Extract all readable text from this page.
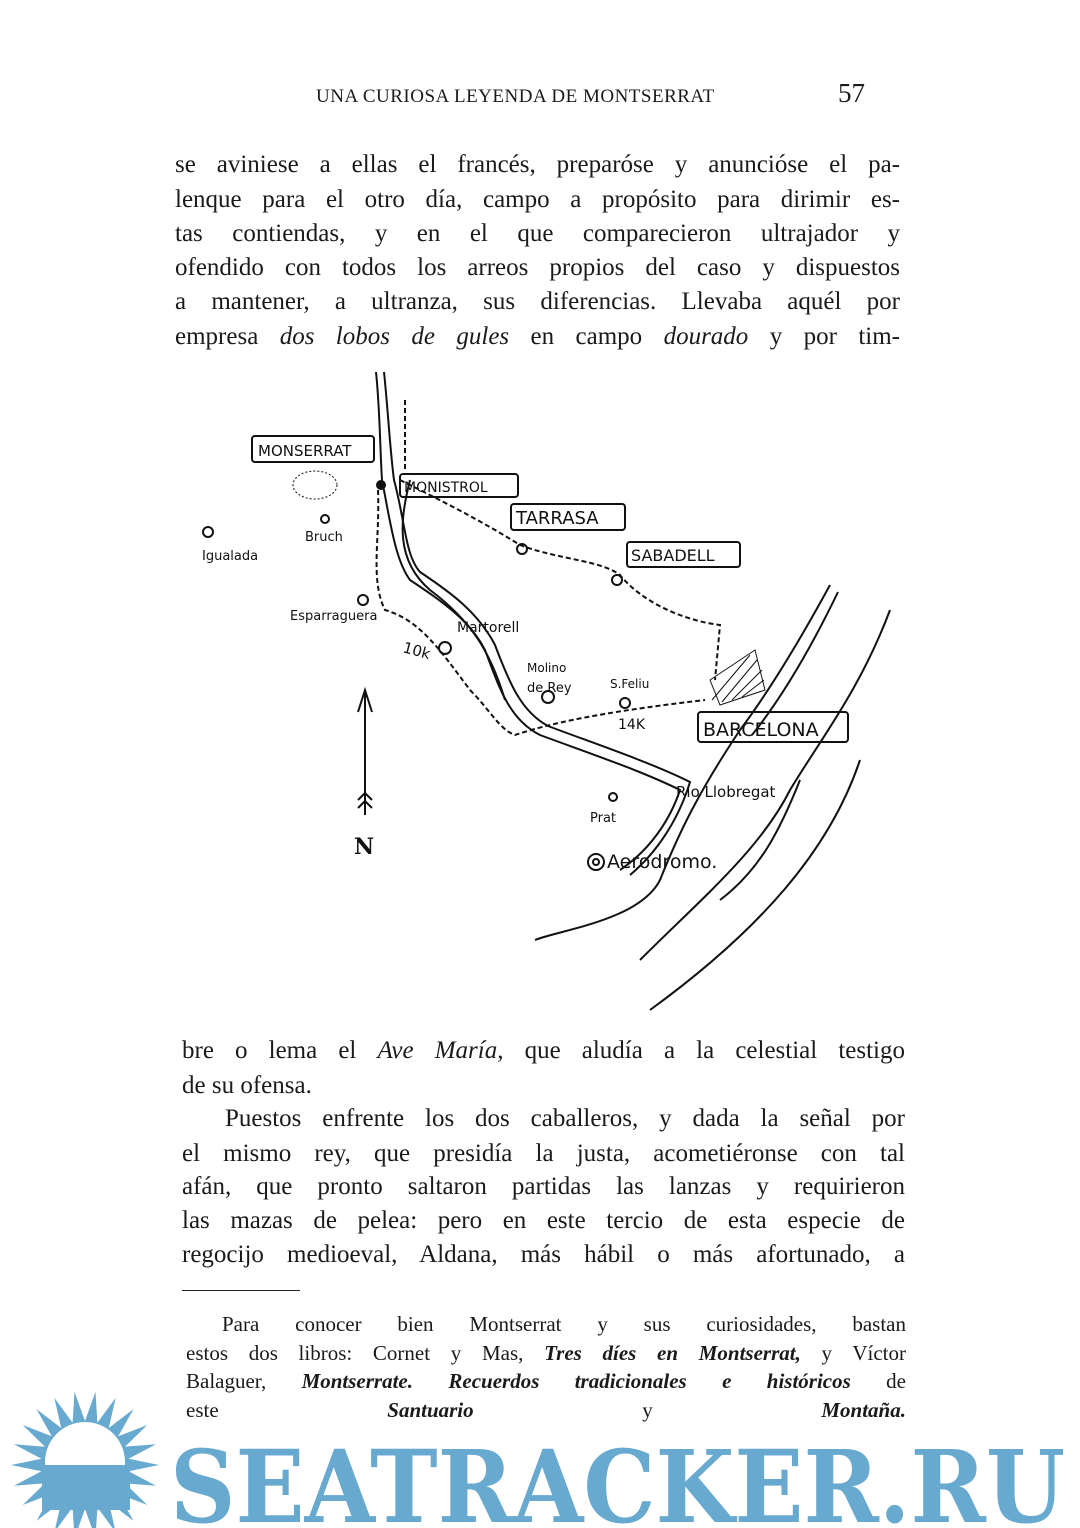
UNA CURIOSA LEYENDA DE MONTSERRAT	57
se aviniese a ellas el francés, preparóse y anuncióse el pa-
lenque para el otro día, campo a propósito para dirimir es-
tas contiendas, y en el que comparecieron ultrajador y
ofendido con todos los arreos propios del caso y dispuestos
a mantener, a ultranza, sus diferencias. Llevaba aquél por
empresa dos lobos de gules en campo dourado y por tim-
MONSERRAT
MONISTROL
TARRASA
SABADELL
BARCELONA
Igualada
Bruch
Esparraguera
10k
Martorell
Molino
de Rey	S.Feliu
14K
Rio Llobregat
Prat
Aerodromo.
N
bre o lema el Ave María, que aludía a la celestial testigo
de su ofensa.
Puestos enfrente los dos caballeros, y dada la señal por
el mismo rey, que presidía la justa, acometiéronse con tal
afán, que pronto saltaron partidas las lanzas y requirieron
las mazas de pelea: pero en este tercio de esta especie de
regocijo medioeval, Aldana, más hábil o más afortunado, a
Para conocer bien Montserrat y sus curiosidades, bastan
estos dos libros: Cornet y Mas, Tres díes en Montserrat, y Víctor
Balaguer, Montserrate. Recuerdos tradicionales e históricos de
este Santuario y Montaña.
SEATRACKER.RU
